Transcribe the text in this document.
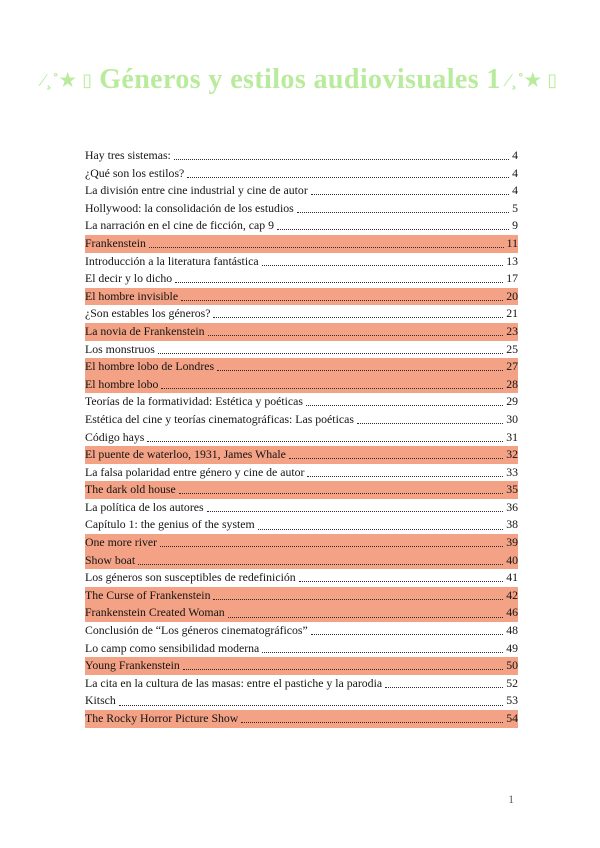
∕¸˚★ ▯ Géneros y estilos audiovisuales 1 ∕¸˚★ ▯
Hay tres sistemas:	4
¿Qué son los estilos?	4
La división entre cine industrial y cine de autor	4
Hollywood: la consolidación de los estudios	5
La narración en el cine de ficción, cap 9	9
Frankenstein	11
Introducción a la literatura fantástica	13
El decir y lo dicho	17
El hombre invisible	20
¿Son estables los géneros?	21
La novia de Frankenstein	23
Los monstruos	25
El hombre lobo de Londres	27
El hombre lobo	28
Teorías de la formatividad: Estética y poéticas	29
Estética del cine y teorías cinematográficas: Las poéticas	30
Código hays	31
El puente de waterloo, 1931, James Whale	32
La falsa polaridad entre género y cine de autor	33
The dark old house	35
La política de los autores	36
Capítulo 1: the genius of the system	38
One more river	39
Show boat	40
Los géneros son susceptibles de redefinición	41
The Curse of Frankenstein	42
Frankenstein Created Woman	46
Conclusión de “Los géneros cinematográficos”	48
Lo camp como sensibilidad moderna	49
Young Frankenstein	50
La cita en la cultura de las masas: entre el pastiche y la parodia	52
Kitsch	53
The Rocky Horror Picture Show	54
1
